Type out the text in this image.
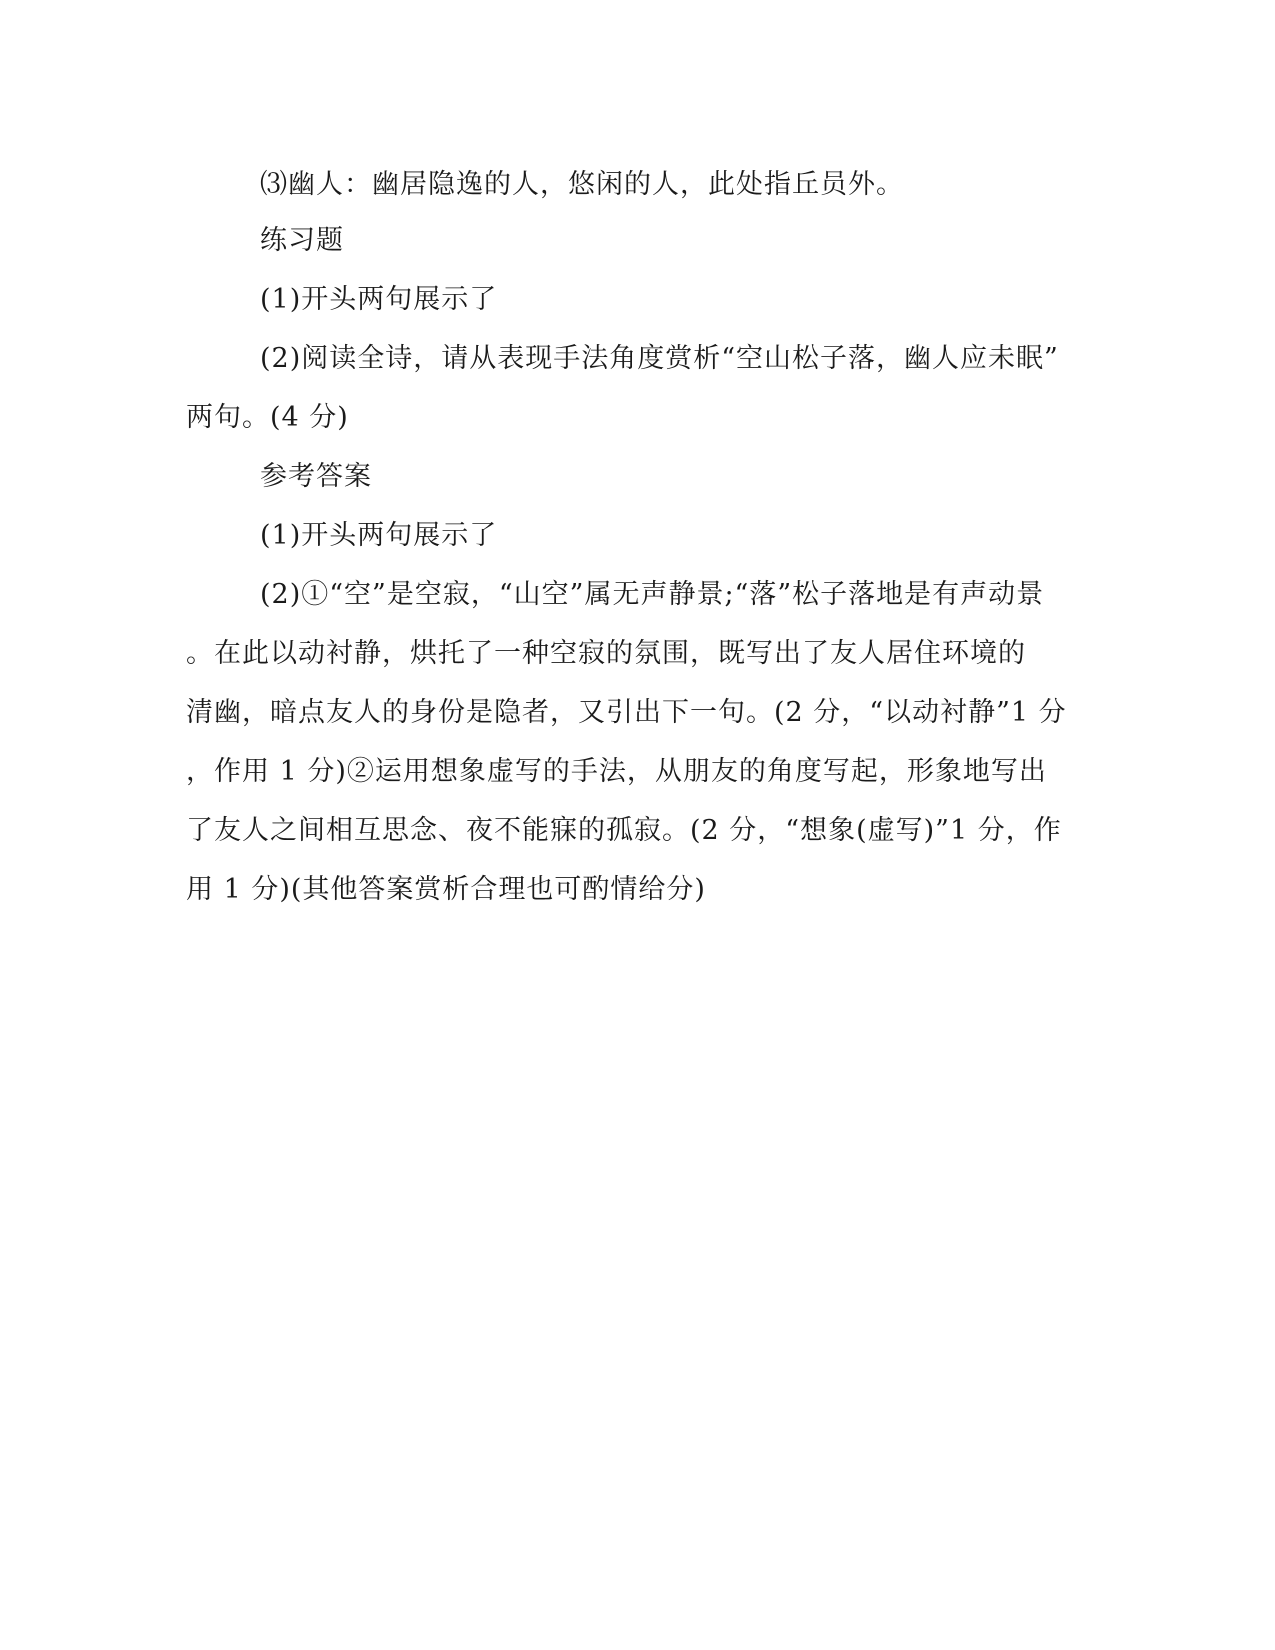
⑶幽人：幽居隐逸的人，悠闲的人，此处指丘员外。
练习题
(1)开头两句展示了
(2)阅读全诗，请从表现手法角度赏析“空山松子落，幽人应未眠”
两句。(4 分)
参考答案
(1)开头两句展示了
(2)①“空”是空寂，“山空”属无声静景;“落”松子落地是有声动景
。在此以动衬静，烘托了一种空寂的氛围，既写出了友人居住环境的
清幽，暗点友人的身份是隐者，又引出下一句。(2 分，“以动衬静”1 分
，作用 1 分)②运用想象虚写的手法，从朋友的角度写起，形象地写出
了友人之间相互思念、夜不能寐的孤寂。(2 分，“想象(虚写)”1 分，作
用 1 分)(其他答案赏析合理也可酌情给分)
